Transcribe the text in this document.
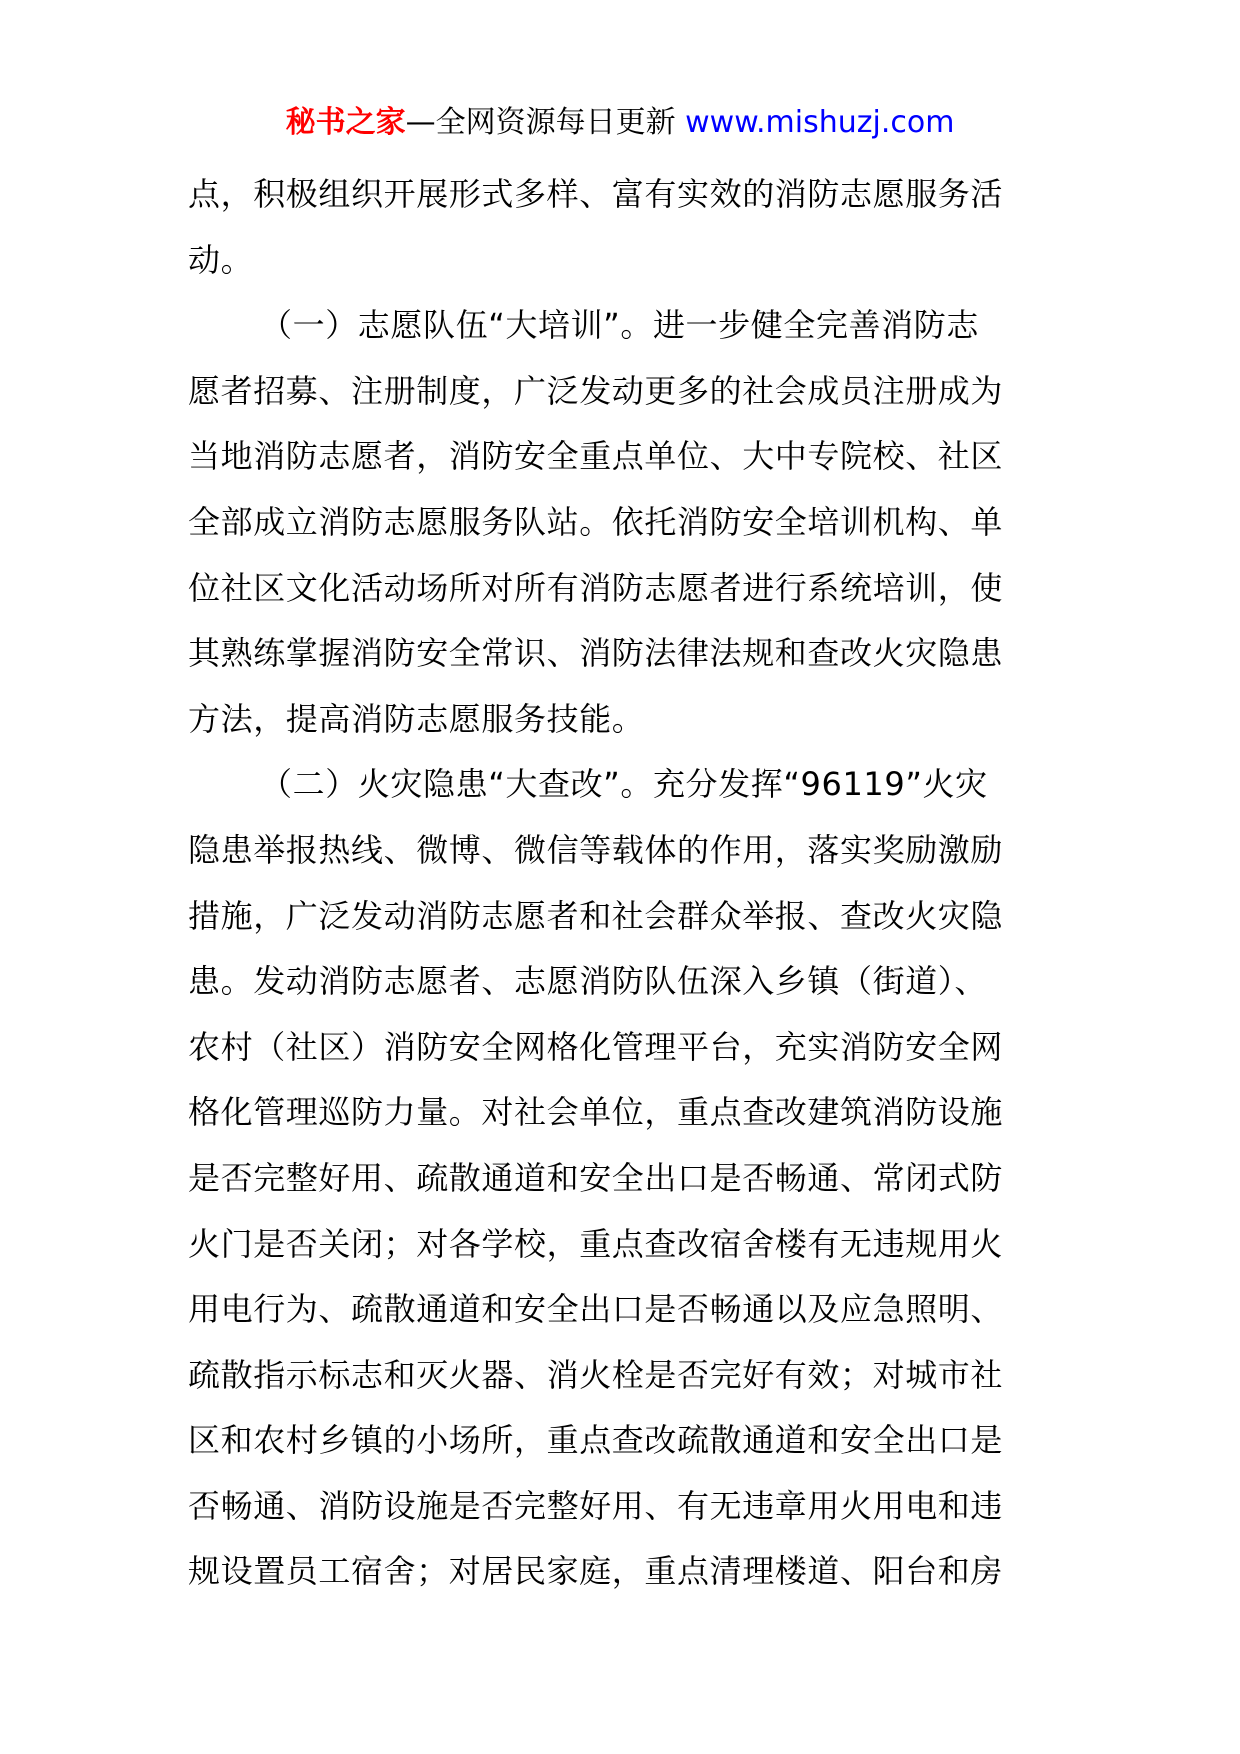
秘书之家—全网资源每日更新 www.mishuzj.com
点，积极组织开展形式多样、富有实效的消防志愿服务活
动。
（一）志愿队伍“大培训”。进一步健全完善消防志
愿者招募、注册制度，广泛发动更多的社会成员注册成为
当地消防志愿者，消防安全重点单位、大中专院校、社区
全部成立消防志愿服务队站。依托消防安全培训机构、单
位社区文化活动场所对所有消防志愿者进行系统培训，使
其熟练掌握消防安全常识、消防法律法规和查改火灾隐患
方法，提高消防志愿服务技能。
（二）火灾隐患“大查改”。充分发挥“96119”火灾
隐患举报热线、微博、微信等载体的作用，落实奖励激励
措施，广泛发动消防志愿者和社会群众举报、查改火灾隐
患。发动消防志愿者、志愿消防队伍深入乡镇（街道）、
农村（社区）消防安全网格化管理平台，充实消防安全网
格化管理巡防力量。对社会单位，重点查改建筑消防设施
是否完整好用、疏散通道和安全出口是否畅通、常闭式防
火门是否关闭；对各学校，重点查改宿舍楼有无违规用火
用电行为、疏散通道和安全出口是否畅通以及应急照明、
疏散指示标志和灭火器、消火栓是否完好有效；对城市社
区和农村乡镇的小场所，重点查改疏散通道和安全出口是
否畅通、消防设施是否完整好用、有无违章用火用电和违
规设置员工宿舍；对居民家庭，重点清理楼道、阳台和房
